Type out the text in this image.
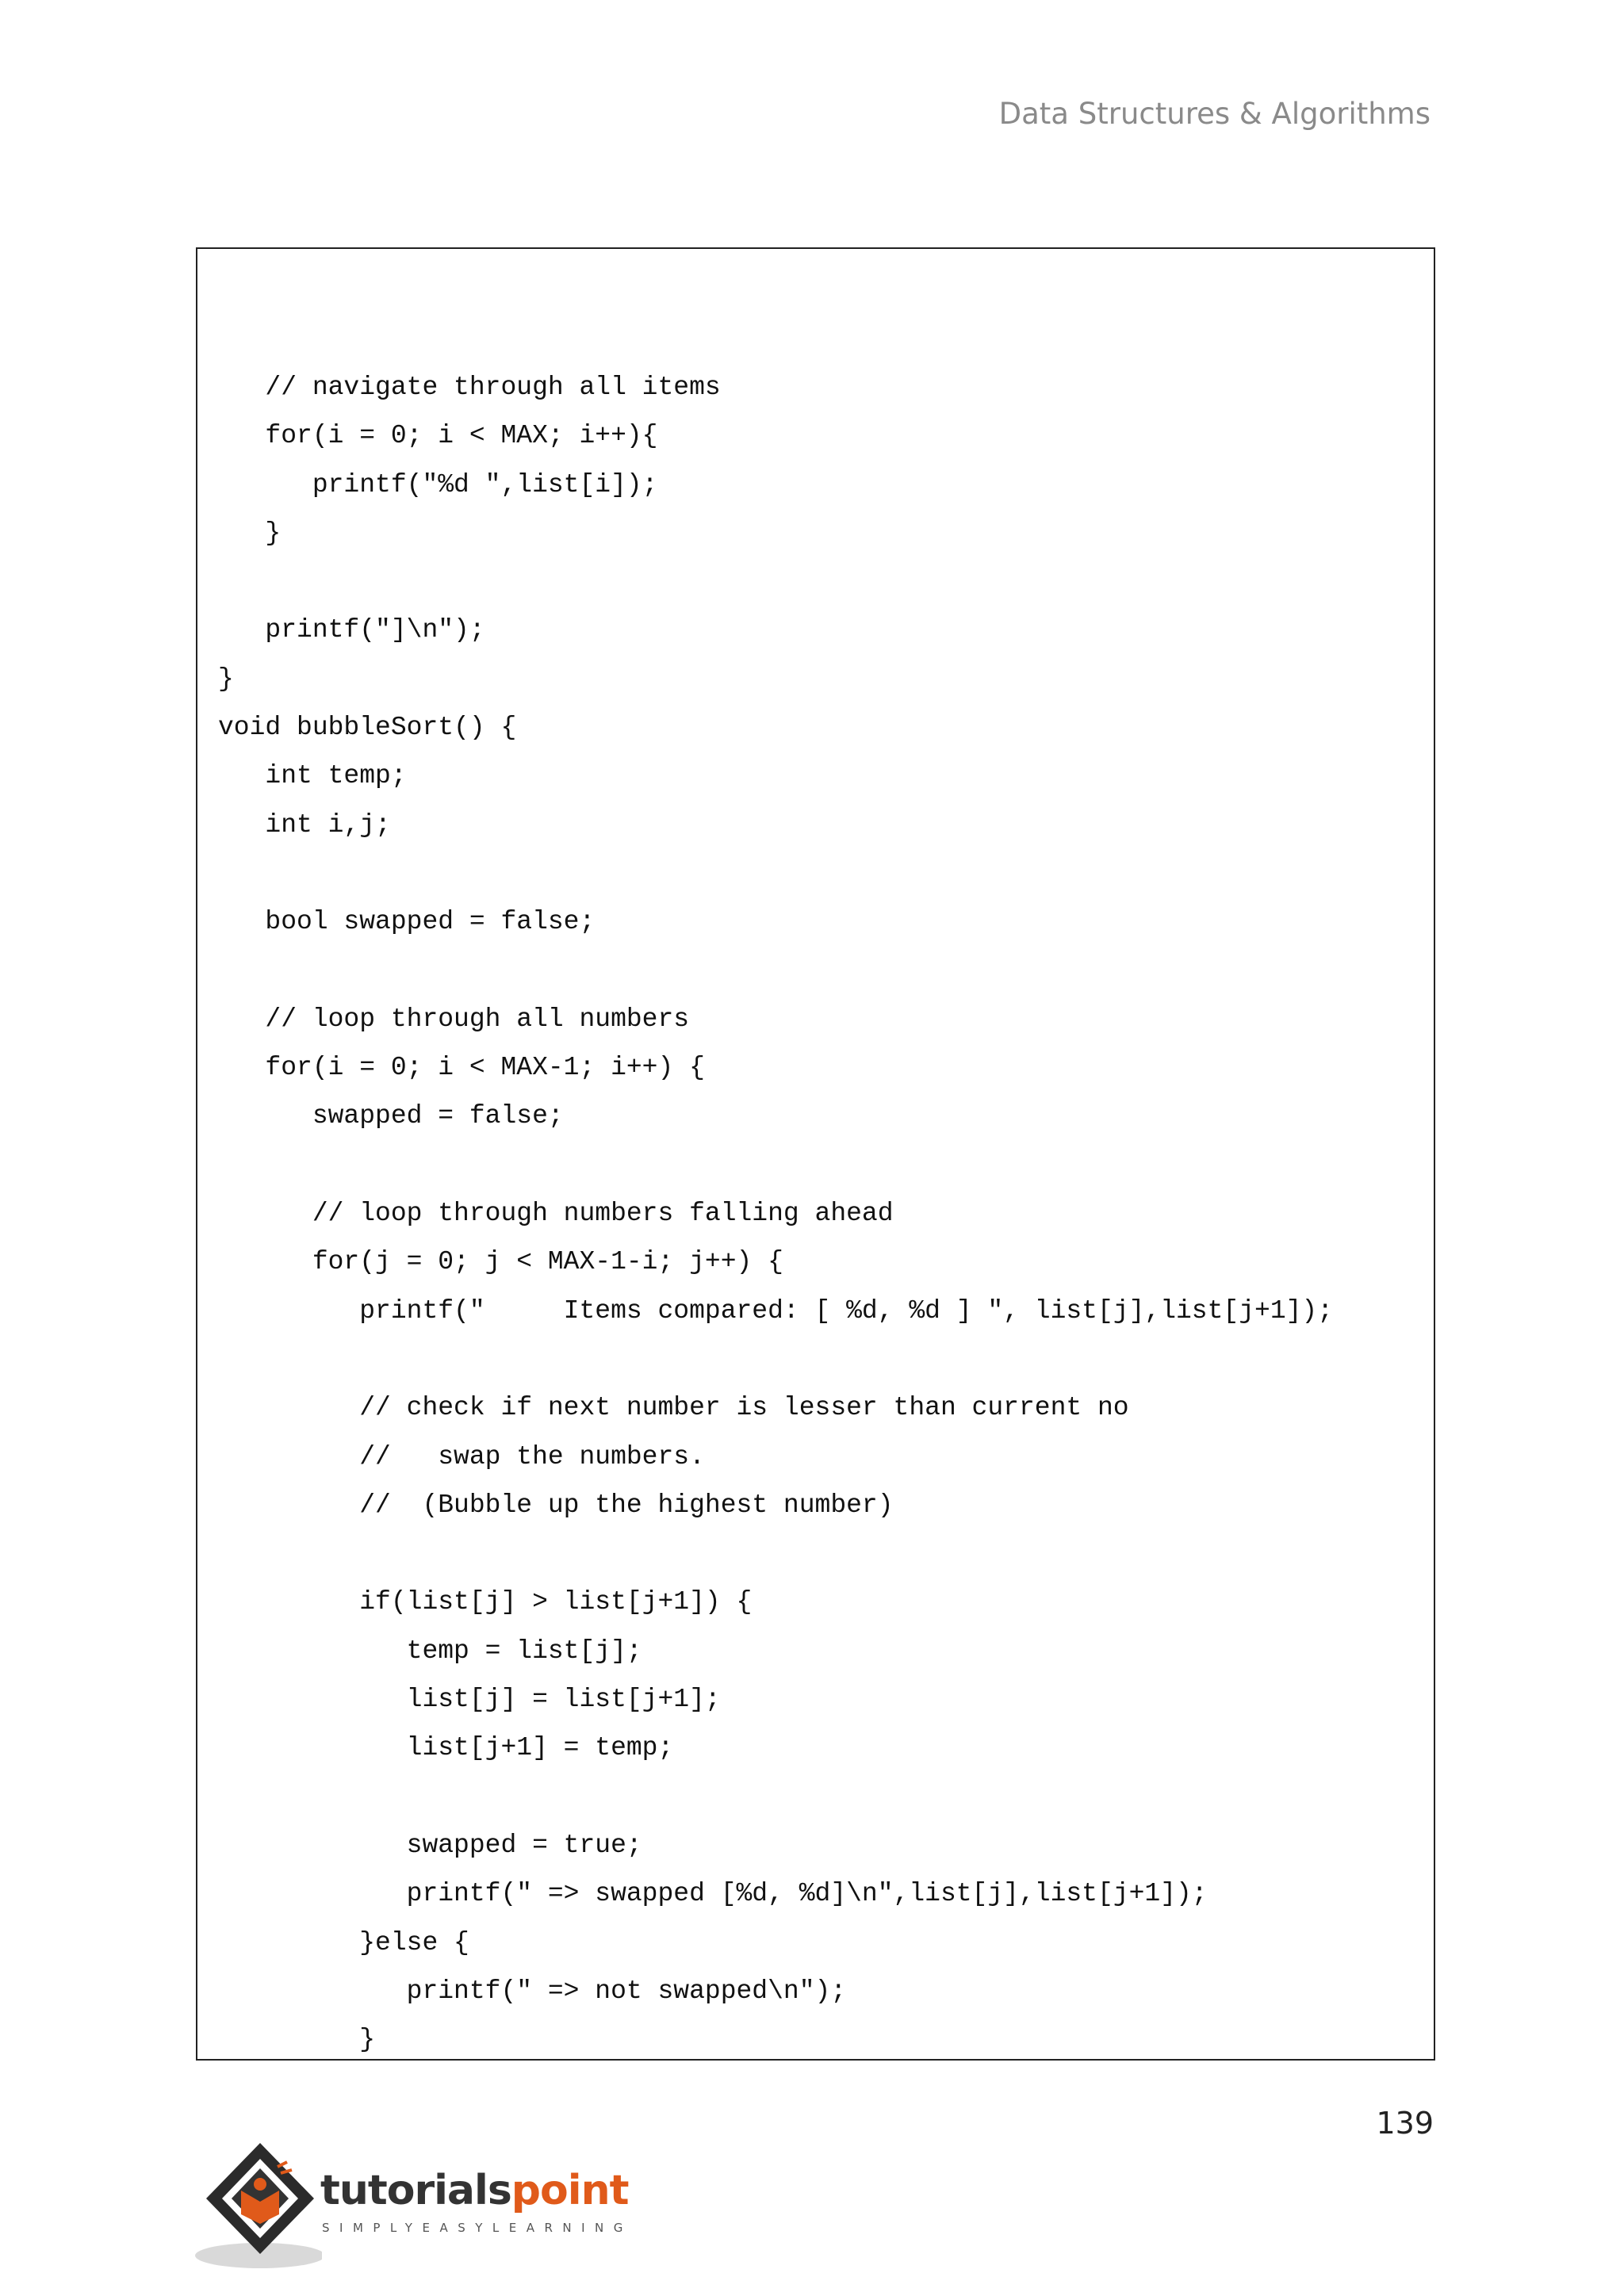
Data Structures & Algorithms
// navigate through all items
for(i = 0; i < MAX; i++){
printf("%d ",list[i]);
}
printf("]\n");
}
void bubbleSort() {
int temp;
int i,j;
bool swapped = false;
// loop through all numbers
for(i = 0; i < MAX-1; i++) {
swapped = false;
// loop through numbers falling ahead
for(j = 0; j < MAX-1-i; j++) {
printf("     Items compared: [ %d, %d ] ", list[j],list[j+1]);
// check if next number is lesser than current no
//   swap the numbers.
//  (Bubble up the highest number)
if(list[j] > list[j+1]) {
temp = list[j];
list[j] = list[j+1];
list[j+1] = temp;
swapped = true;
printf(" => swapped [%d, %d]\n",list[j],list[j+1]);
}else {
printf(" => not swapped\n");
}
139
tutorialspoint
SIMPLYEASYLEARNING
